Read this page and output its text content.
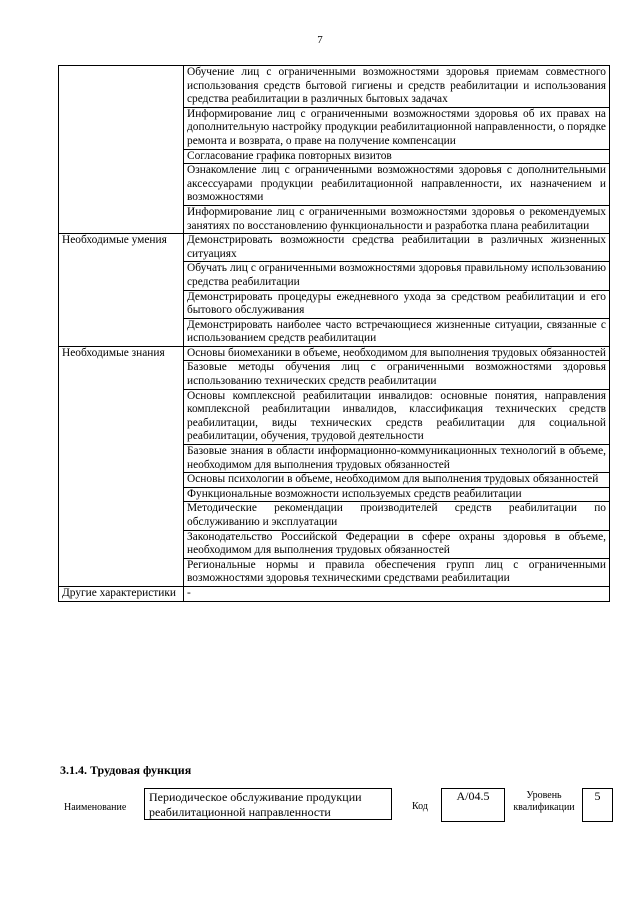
7
	Обучение лиц с ограниченными возможностями здоровья приемам совместного использования средств бытовой гигиены и средств реабилитации и использования средства реабилитации в различных бытовых задачах
	Информирование лиц с ограниченными возможностями здоровья об их правах на дополнительную настройку продукции реабилитационной направленности, о порядке ремонта и возврата, о праве на получение компенсации
	Согласование графика повторных визитов
	Ознакомление лиц с ограниченными возможностями здоровья с дополнительными аксессуарами продукции реабилитационной направленности, их назначением и возможностями
	Информирование лиц с ограниченными возможностями здоровья о рекомендуемых занятиях по восстановлению функциональности и разработка плана реабилитации
Необходимые умения	Демонстрировать возможности средства реабилитации в различных жизненных ситуациях
	Обучать лиц с ограниченными возможностями здоровья правильному использованию средства реабилитации
	Демонстрировать процедуры ежедневного ухода за средством реабилитации и его бытового обслуживания
	Демонстрировать наиболее часто встречающиеся жизненные ситуации, связанные с использованием средств реабилитации
Необходимые знания	Основы биомеханики в объеме, необходимом для выполнения трудовых обязанностей
	Базовые методы обучения лиц с ограниченными возможностями здоровья использованию технических средств реабилитации
	Основы комплексной реабилитации инвалидов: основные понятия, направления комплексной реабилитации инвалидов, классификация технических средств реабилитации, виды технических средств реабилитации для социальной реабилитации, обучения, трудовой деятельности
	Базовые знания в области информационно-коммуникационных технологий в объеме, необходимом для выполнения трудовых обязанностей
	Основы психологии в объеме, необходимом для выполнения трудовых обязанностей
	Функциональные возможности используемых средств реабилитации
	Методические рекомендации производителей средств реабилитации по обслуживанию и эксплуатации
	Законодательство Российской Федерации в сфере охраны здоровья в объеме, необходимом для выполнения трудовых обязанностей
	Региональные нормы и правила обеспечения групп лиц с ограниченными возможностями здоровья техническими средствами реабилитации
Другие характеристики	-
3.1.4. Трудовая функция
Наименование
Периодическое обслуживание продукции реабилитационной направленности	Код
A/04.5	Уровень квалификации
5
